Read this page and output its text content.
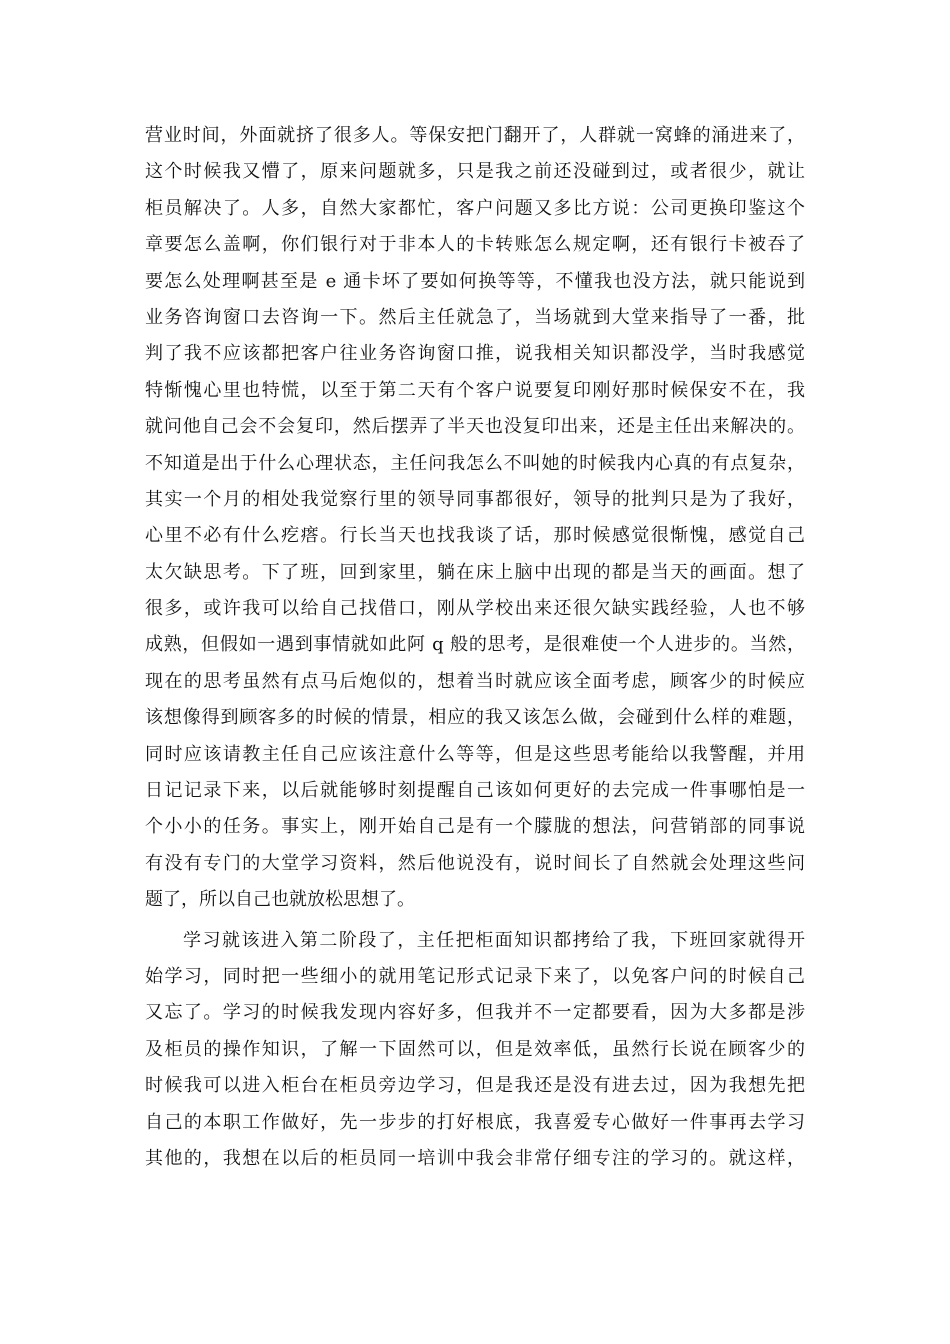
营业时间，外面就挤了很多人。等保安把门翻开了，人群就一窝蜂的涌进来了，
这个时候我又懵了，原来问题就多，只是我之前还没碰到过，或者很少，就让
柜员解决了。人多，自然大家都忙，客户问题又多比方说：公司更换印鉴这个
章要怎么盖啊，你们银行对于非本人的卡转账怎么规定啊，还有银行卡被吞了
要怎么处理啊甚至是 e 通卡坏了要如何换等等，不懂我也没方法，就只能说到
业务咨询窗口去咨询一下。然后主任就急了，当场就到大堂来指导了一番，批
判了我不应该都把客户往业务咨询窗口推，说我相关知识都没学，当时我感觉
特惭愧心里也特慌，以至于第二天有个客户说要复印刚好那时候保安不在，我
就问他自己会不会复印，然后摆弄了半天也没复印出来，还是主任出来解决的。
不知道是出于什么心理状态，主任问我怎么不叫她的时候我内心真的有点复杂，
其实一个月的相处我觉察行里的领导同事都很好，领导的批判只是为了我好，
心里不必有什么疙瘩。行长当天也找我谈了话，那时候感觉很惭愧，感觉自己
太欠缺思考。下了班，回到家里，躺在床上脑中出现的都是当天的画面。想了
很多，或许我可以给自己找借口，刚从学校出来还很欠缺实践经验，人也不够
成熟，但假如一遇到事情就如此阿 q 般的思考，是很难使一个人进步的。当然，
现在的思考虽然有点马后炮似的，想着当时就应该全面考虑，顾客少的时候应
该想像得到顾客多的时候的情景，相应的我又该怎么做，会碰到什么样的难题，
同时应该请教主任自己应该注意什么等等，但是这些思考能给以我警醒，并用
日记记录下来，以后就能够时刻提醒自己该如何更好的去完成一件事哪怕是一
个小小的任务。事实上，刚开始自己是有一个朦胧的想法，问营销部的同事说
有没有专门的大堂学习资料，然后他说没有，说时间长了自然就会处理这些问
题了，所以自己也就放松思想了。
学习就该进入第二阶段了，主任把柜面知识都拷给了我，下班回家就得开
始学习，同时把一些细小的就用笔记形式记录下来了，以免客户问的时候自己
又忘了。学习的时候我发现内容好多，但我并不一定都要看，因为大多都是涉
及柜员的操作知识，了解一下固然可以，但是效率低，虽然行长说在顾客少的
时候我可以进入柜台在柜员旁边学习，但是我还是没有进去过，因为我想先把
自己的本职工作做好，先一步步的打好根底，我喜爱专心做好一件事再去学习
其他的，我想在以后的柜员同一培训中我会非常仔细专注的学习的。就这样，
